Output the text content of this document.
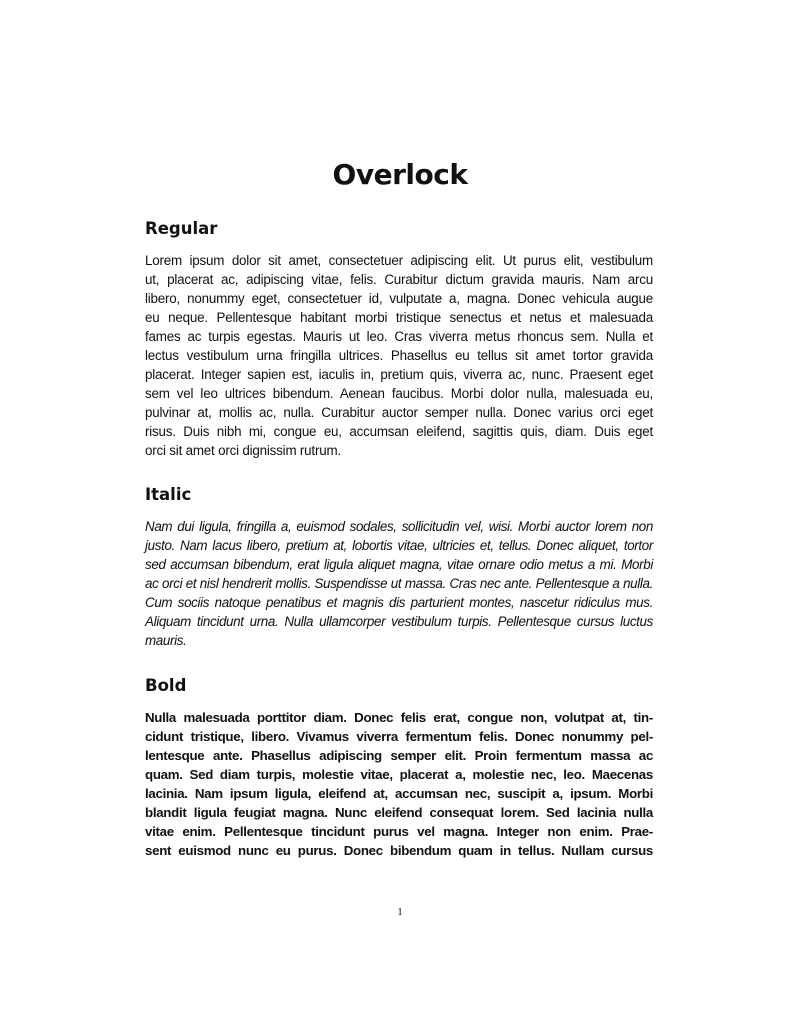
Overlock
Regular
Lorem ipsum dolor sit amet, consectetuer adipiscing elit. Ut purus elit, vestibulum
ut, placerat ac, adipiscing vitae, felis. Curabitur dictum gravida mauris. Nam arcu
libero, nonummy eget, consectetuer id, vulputate a, magna. Donec vehicula augue
eu neque. Pellentesque habitant morbi tristique senectus et netus et malesuada
fames ac turpis egestas. Mauris ut leo. Cras viverra metus rhoncus sem. Nulla et
lectus vestibulum urna fringilla ultrices. Phasellus eu tellus sit amet tortor gravida
placerat. Integer sapien est, iaculis in, pretium quis, viverra ac, nunc. Praesent eget
sem vel leo ultrices bibendum. Aenean faucibus. Morbi dolor nulla, malesuada eu,
pulvinar at, mollis ac, nulla. Curabitur auctor semper nulla. Donec varius orci eget
risus. Duis nibh mi, congue eu, accumsan eleifend, sagittis quis, diam. Duis eget
orci sit amet orci dignissim rutrum.
Italic
Nam dui ligula, fringilla a, euismod sodales, sollicitudin vel, wisi. Morbi auctor lorem non
justo. Nam lacus libero, pretium at, lobortis vitae, ultricies et, tellus. Donec aliquet, tortor
sed accumsan bibendum, erat ligula aliquet magna, vitae ornare odio metus a mi. Morbi
ac orci et nisl hendrerit mollis. Suspendisse ut massa. Cras nec ante. Pellentesque a nulla.
Cum sociis natoque penatibus et magnis dis parturient montes, nascetur ridiculus mus.
Aliquam tincidunt urna. Nulla ullamcorper vestibulum turpis. Pellentesque cursus luctus
mauris.
Bold
Nulla malesuada porttitor diam. Donec felis erat, congue non, volutpat at, tin-
cidunt tristique, libero. Vivamus viverra fermentum felis. Donec nonummy pel-
lentesque ante. Phasellus adipiscing semper elit. Proin fermentum massa ac
quam. Sed diam turpis, molestie vitae, placerat a, molestie nec, leo. Maecenas
lacinia. Nam ipsum ligula, eleifend at, accumsan nec, suscipit a, ipsum. Morbi
blandit ligula feugiat magna. Nunc eleifend consequat lorem. Sed lacinia nulla
vitae enim. Pellentesque tincidunt purus vel magna. Integer non enim. Prae-
sent euismod nunc eu purus. Donec bibendum quam in tellus. Nullam cursus
1
